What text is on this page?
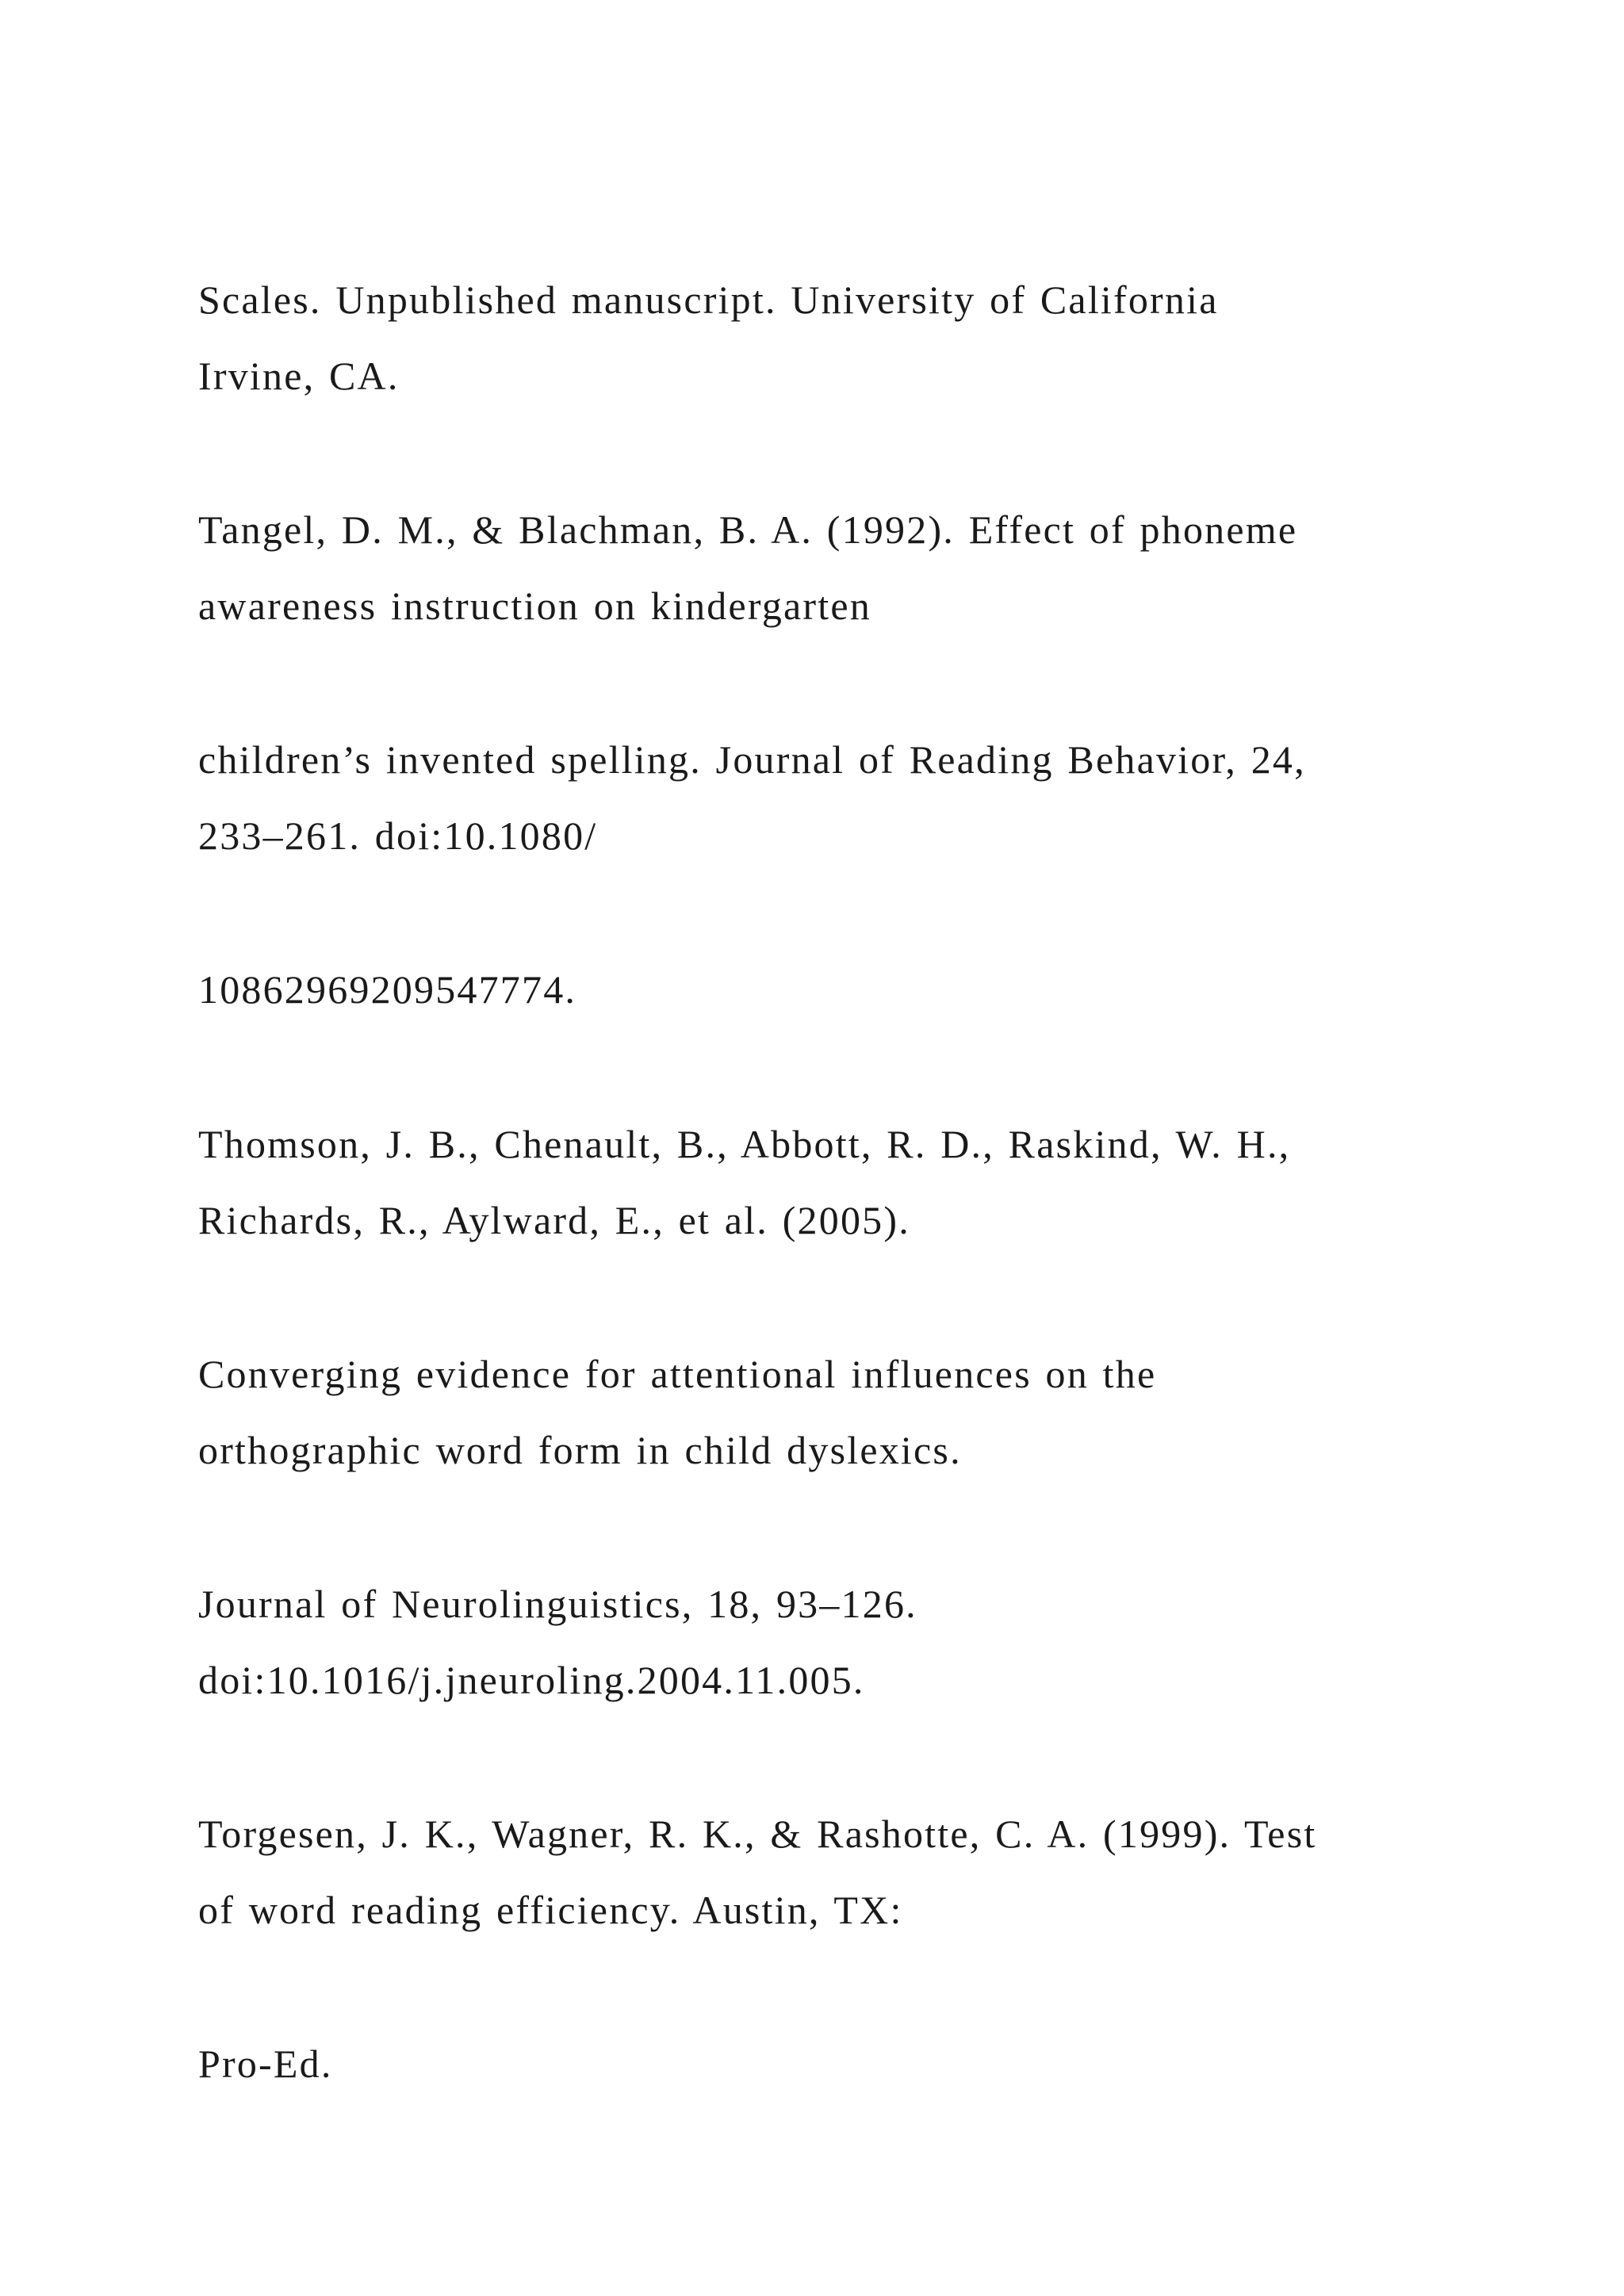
Scales. Unpublished manuscript. University of California
Irvine, CA.

Tangel, D. M., & Blachman, B. A. (1992). Effect of phoneme
awareness instruction on kindergarten

children’s invented spelling. Journal of Reading Behavior, 24,
233–261. doi:10.1080/

10862969209547774.

Thomson, J. B., Chenault, B., Abbott, R. D., Raskind, W. H.,
Richards, R., Aylward, E., et al. (2005).

Converging evidence for attentional influences on the
orthographic word form in child dyslexics.

Journal of Neurolinguistics, 18, 93–126.
doi:10.1016/j.jneuroling.2004.11.005.

Torgesen, J. K., Wagner, R. K., & Rashotte, C. A. (1999). Test
of word reading efficiency. Austin, TX:

Pro-Ed.
